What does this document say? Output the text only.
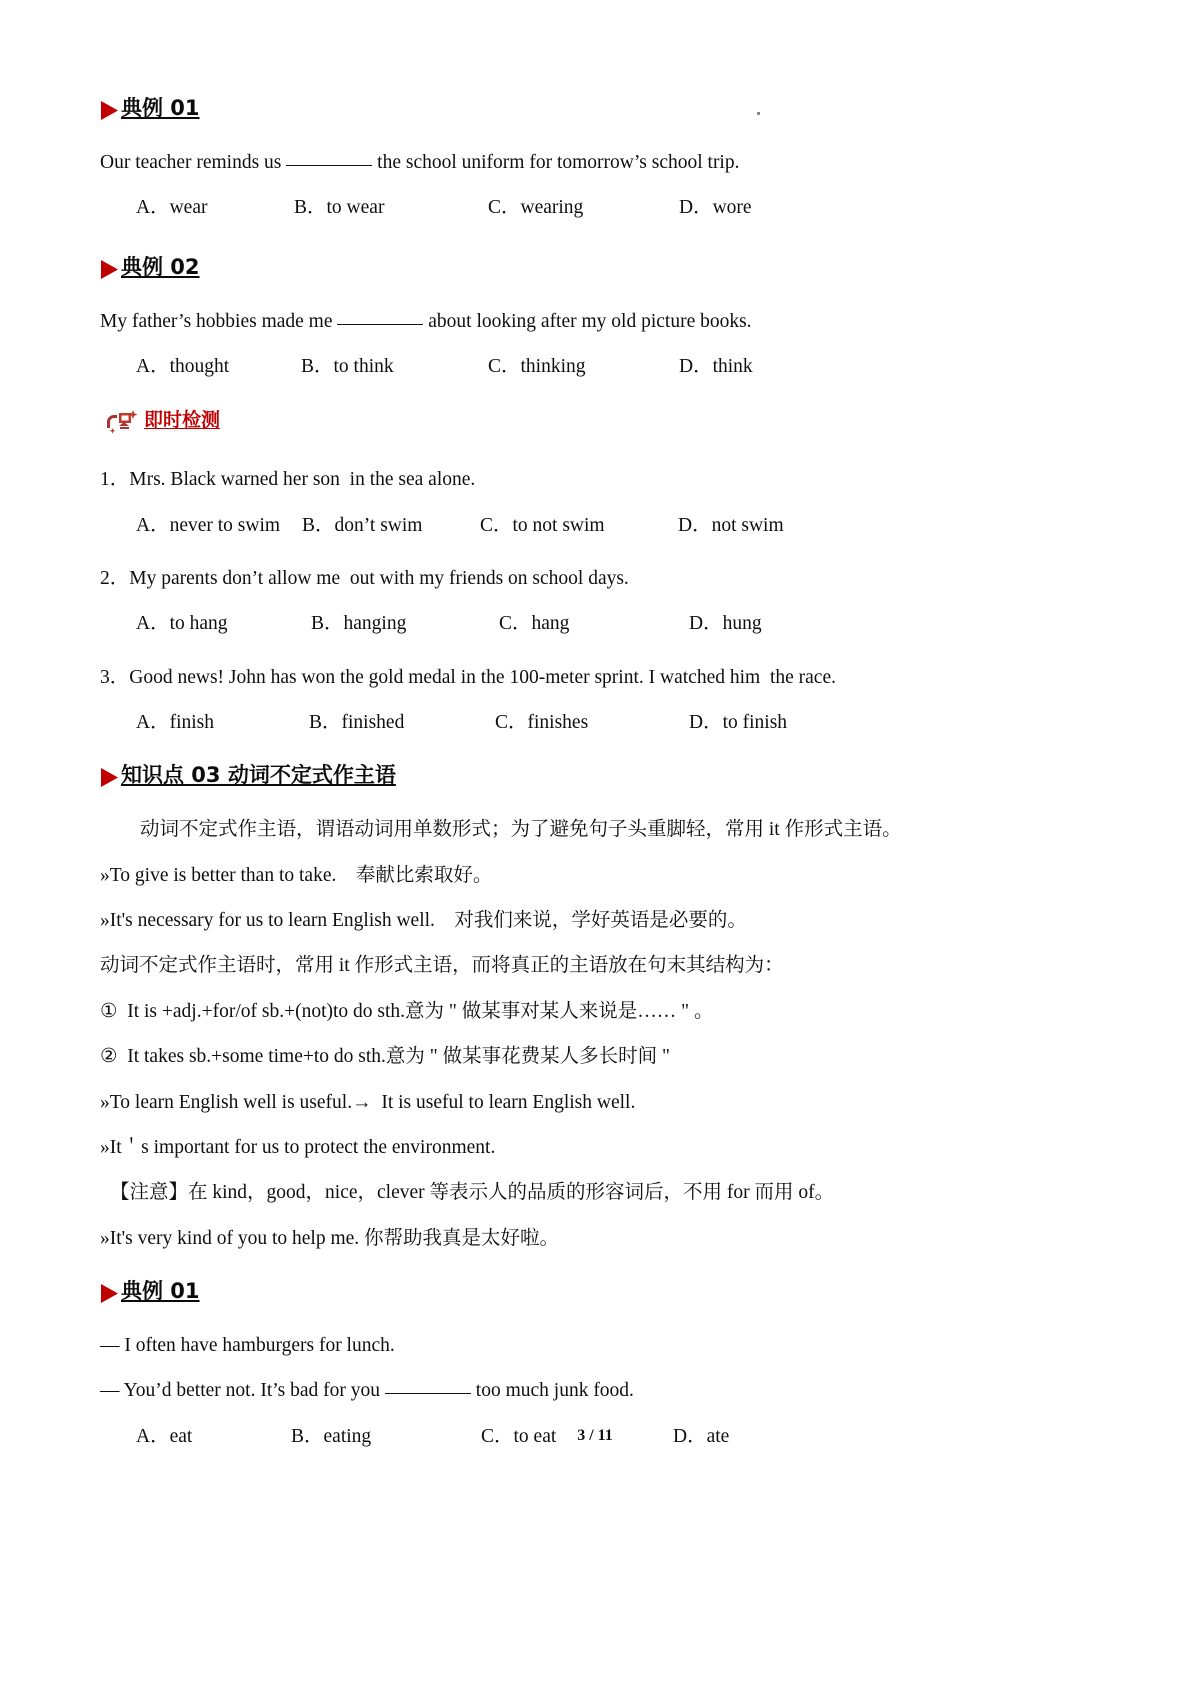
典例 01
Our teacher reminds us	the school uniform for tomorrow’s school trip.
A．wear	B．to wear	C．wearing	D．wore
典例 02
My father’s hobbies made me	about looking after my old picture books.
A．thought	B．to think	C．thinking	D．think
即时检测
1．Mrs. Black warned her son  in the sea alone.
A．never to swim	B．don’t swim	C．to not swim	D．not swim
2．My parents don’t allow me  out with my friends on school days.
A．to hang	B．hanging	C．hang	D．hung
3．Good news! John has won the gold medal in the 100-meter sprint. I watched him  the race.
A．finish	B．finished	C．finishes	D．to finish
知识点 03 动词不定式作主语
动词不定式作主语，谓语动词用单数形式；为了避免句子头重脚轻，常用 it 作形式主语。
»To give is better than to take.　奉献比索取好。
»It's necessary for us to learn English well.　对我们来说，学好英语是必要的。
动词不定式作主语时，常用 it 作形式主语，而将真正的主语放在句末其结构为：
①  It is +adj.+for/of sb.+(not)to do sth.意为 " 做某事对某人来说是…… " 。
②  It takes sb.+some time+to do sth.意为 " 做某事花费某人多长时间 "
»To learn English well is useful.→  It is useful to learn English well.
»It＇s important for us to protect the environment.
【注意】在 kind，good，nice，clever 等表示人的品质的形容词后，不用 for 而用 of。
»It's very kind of you to help me. 你帮助我真是太好啦。
典例 01
— I often have hamburgers for lunch.
— You’d better not. It’s bad for you	too much junk food.
A．eat	B．eating	C．to eat	D．ate
3 / 11
